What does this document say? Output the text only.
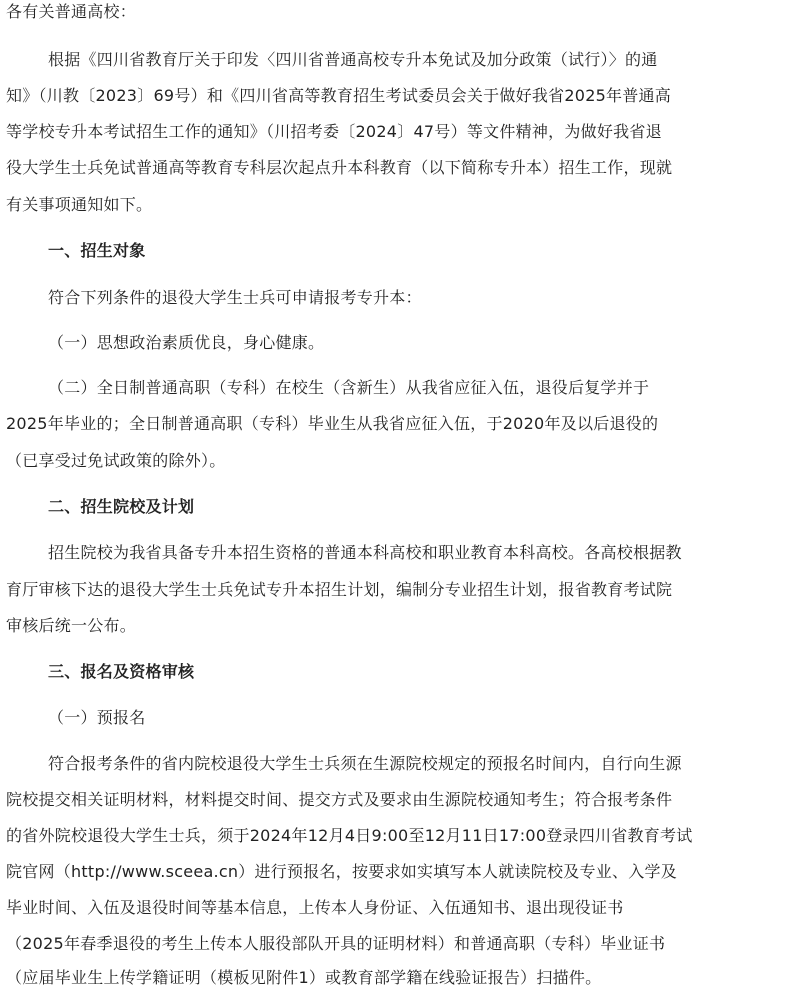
各有关普通高校：
根据《四川省教育厅关于印发〈四川省普通高校专升本免试及加分政策（试行）〉的通
知》（川教〔2023〕69号）和《四川省高等教育招生考试委员会关于做好我省2025年普通高
等学校专升本考试招生工作的通知》（川招考委〔2024〕47号）等文件精神，为做好我省退
役大学生士兵免试普通高等教育专科层次起点升本科教育（以下简称专升本）招生工作，现就
有关事项通知如下。
一、招生对象
符合下列条件的退役大学生士兵可申请报考专升本：
（一）思想政治素质优良，身心健康。
（二）全日制普通高职（专科）在校生（含新生）从我省应征入伍，退役后复学并于
2025年毕业的；全日制普通高职（专科）毕业生从我省应征入伍，于2020年及以后退役的
（已享受过免试政策的除外）。
二、招生院校及计划
招生院校为我省具备专升本招生资格的普通本科高校和职业教育本科高校。各高校根据教
育厅审核下达的退役大学生士兵免试专升本招生计划，编制分专业招生计划，报省教育考试院
审核后统一公布。
三、报名及资格审核
（一）预报名
符合报考条件的省内院校退役大学生士兵须在生源院校规定的预报名时间内，自行向生源
院校提交相关证明材料，材料提交时间、提交方式及要求由生源院校通知考生；符合报考条件
的省外院校退役大学生士兵，须于2024年12月4日9:00至12月11日17:00登录四川省教育考试
院官网（http://www.sceea.cn）进行预报名，按要求如实填写本人就读院校及专业、入学及
毕业时间、入伍及退役时间等基本信息，上传本人身份证、入伍通知书、退出现役证书
（2025年春季退役的考生上传本人服役部队开具的证明材料）和普通高职（专科）毕业证书
（应届毕业生上传学籍证明（模板见附件1）或教育部学籍在线验证报告）扫描件。
